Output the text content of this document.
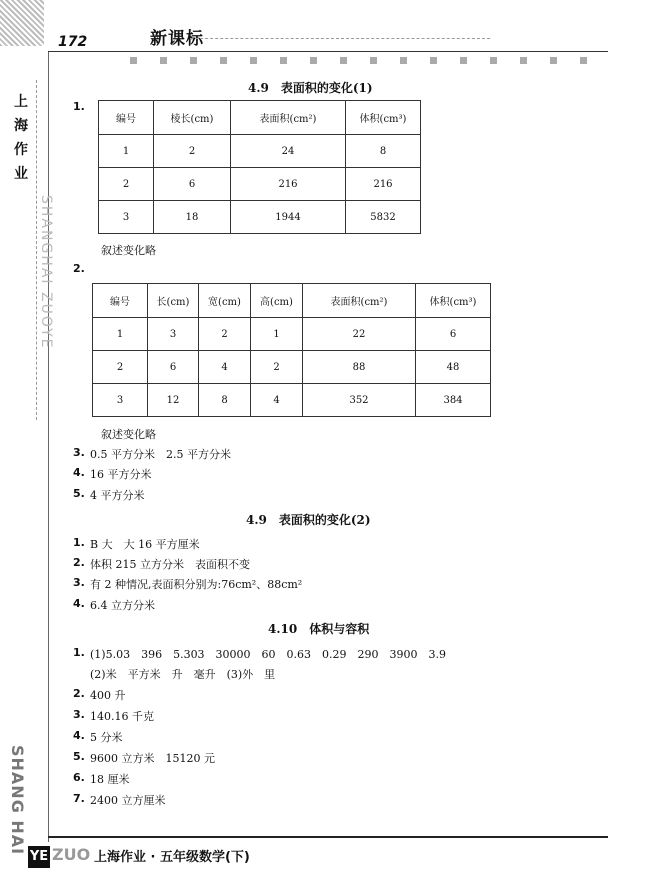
172	新课标
上海作业
SHANGHAI ZUOYE
SHANG HAI
4.9　表面积的变化(1)
1.
编号	棱长(cm)	表面积(cm²)	体积(cm³)
1	2	24	8
2	6	216	216
3	18	1944	5832
叙述变化略
2.
编号	长(cm)	宽(cm)	高(cm)	表面积(cm²)	体积(cm³)
1	3	2	1	22	6
2	6	4	2	88	48
3	12	8	4	352	384
叙述变化略
3. 0.5 平方分米　2.5 平方分米
4. 16 平方分米
5. 4 平方分米
4.9　表面积的变化(2)
1. B 大　大 16 平方厘米
2. 体积 215 立方分米　表面积不变
3. 有 2 种情况,表面积分别为:76cm²、88cm²
4. 6.4 立方分米
4.10　体积与容积
1. (1)5.03　396　5.303　30000　60　0.63　0.29　290　3900　3.9
(2)米　平方米　升　毫升　(3)外　里
2. 400 升
3. 140.16 千克
4. 5 分米
5. 9600 立方米　15120 元
6. 18 厘米
7. 2400 立方厘米
YE ZUO 上海作业 · 五年级数学(下)
